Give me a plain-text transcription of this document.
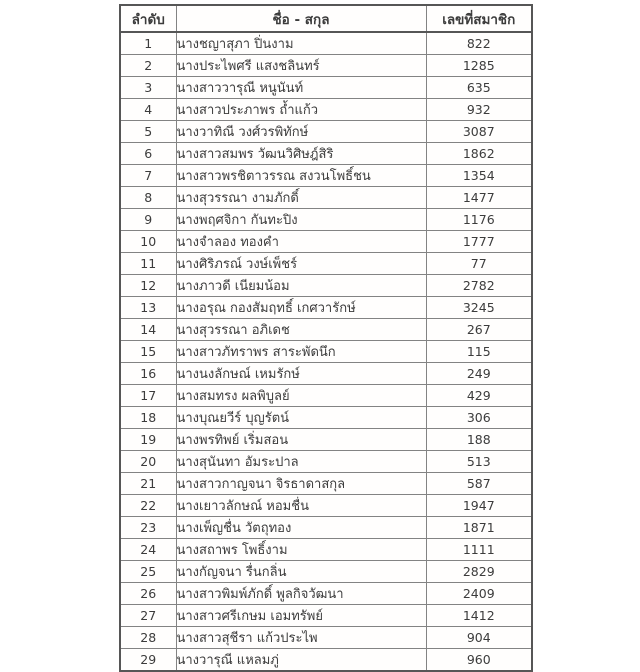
ลำดับ	ชื่อ - สกุล	เลขที่สมาชิก
1	นางชญาสุภา ปิ่นงาม	822
2	นางประไพศรี แสงชลินทร์	1285
3	นางสาววารุณี หนูนันท์	635
4	นางสาวประภาพร ถ้ำแก้ว	932
5	นางวาทิณี วงศ์วรพิทักษ์	3087
6	นางสาวสมพร วัฒนวิศิษฎ์สิริ	1862
7	นางสาวพรชิตาวรรณ สงวนโพธิ์ชน	1354
8	นางสุวรรณา งามภักดิ์	1477
9	นางพฤศจิกา กันทะปิง	1176
10	นางจำลอง ทองคำ	1777
11	นางศิริภรณ์ วงษ์เพ็ชร์	77
12	นางภาวดี เนียมน้อม	2782
13	นางอรุณ กองสัมฤทธิ์ เกศวารักษ์	3245
14	นางสุวรรณา อภิเดช	267
15	นางสาวภัทราพร สาระพัดนึก	115
16	นางนงลักษณ์ เหมรักษ์	249
17	นางสมทรง ผลพิบูลย์	429
18	นางบุณยวีร์ บุญรัตน์	306
19	นางพรทิพย์ เริ่มสอน	188
20	นางสุนันทา อัมระปาล	513
21	นางสาวกาญจนา จิรธาดาสกุล	587
22	นางเยาวลักษณ์ หอมชื่น	1947
23	นางเพ็ญชื่น วัตถุทอง	1871
24	นางสถาพร โพธิ์งาม	1111
25	นางกัญจนา รื่นกลิ่น	2829
26	นางสาวพิมพ์ภักดิ์ พูลกิจวัฒนา	2409
27	นางสาวศรีเกษม เอมทรัพย์	1412
28	นางสาวสุชีรา แก้วประไพ	904
29	นางวารุณี แหลมภู่	960
